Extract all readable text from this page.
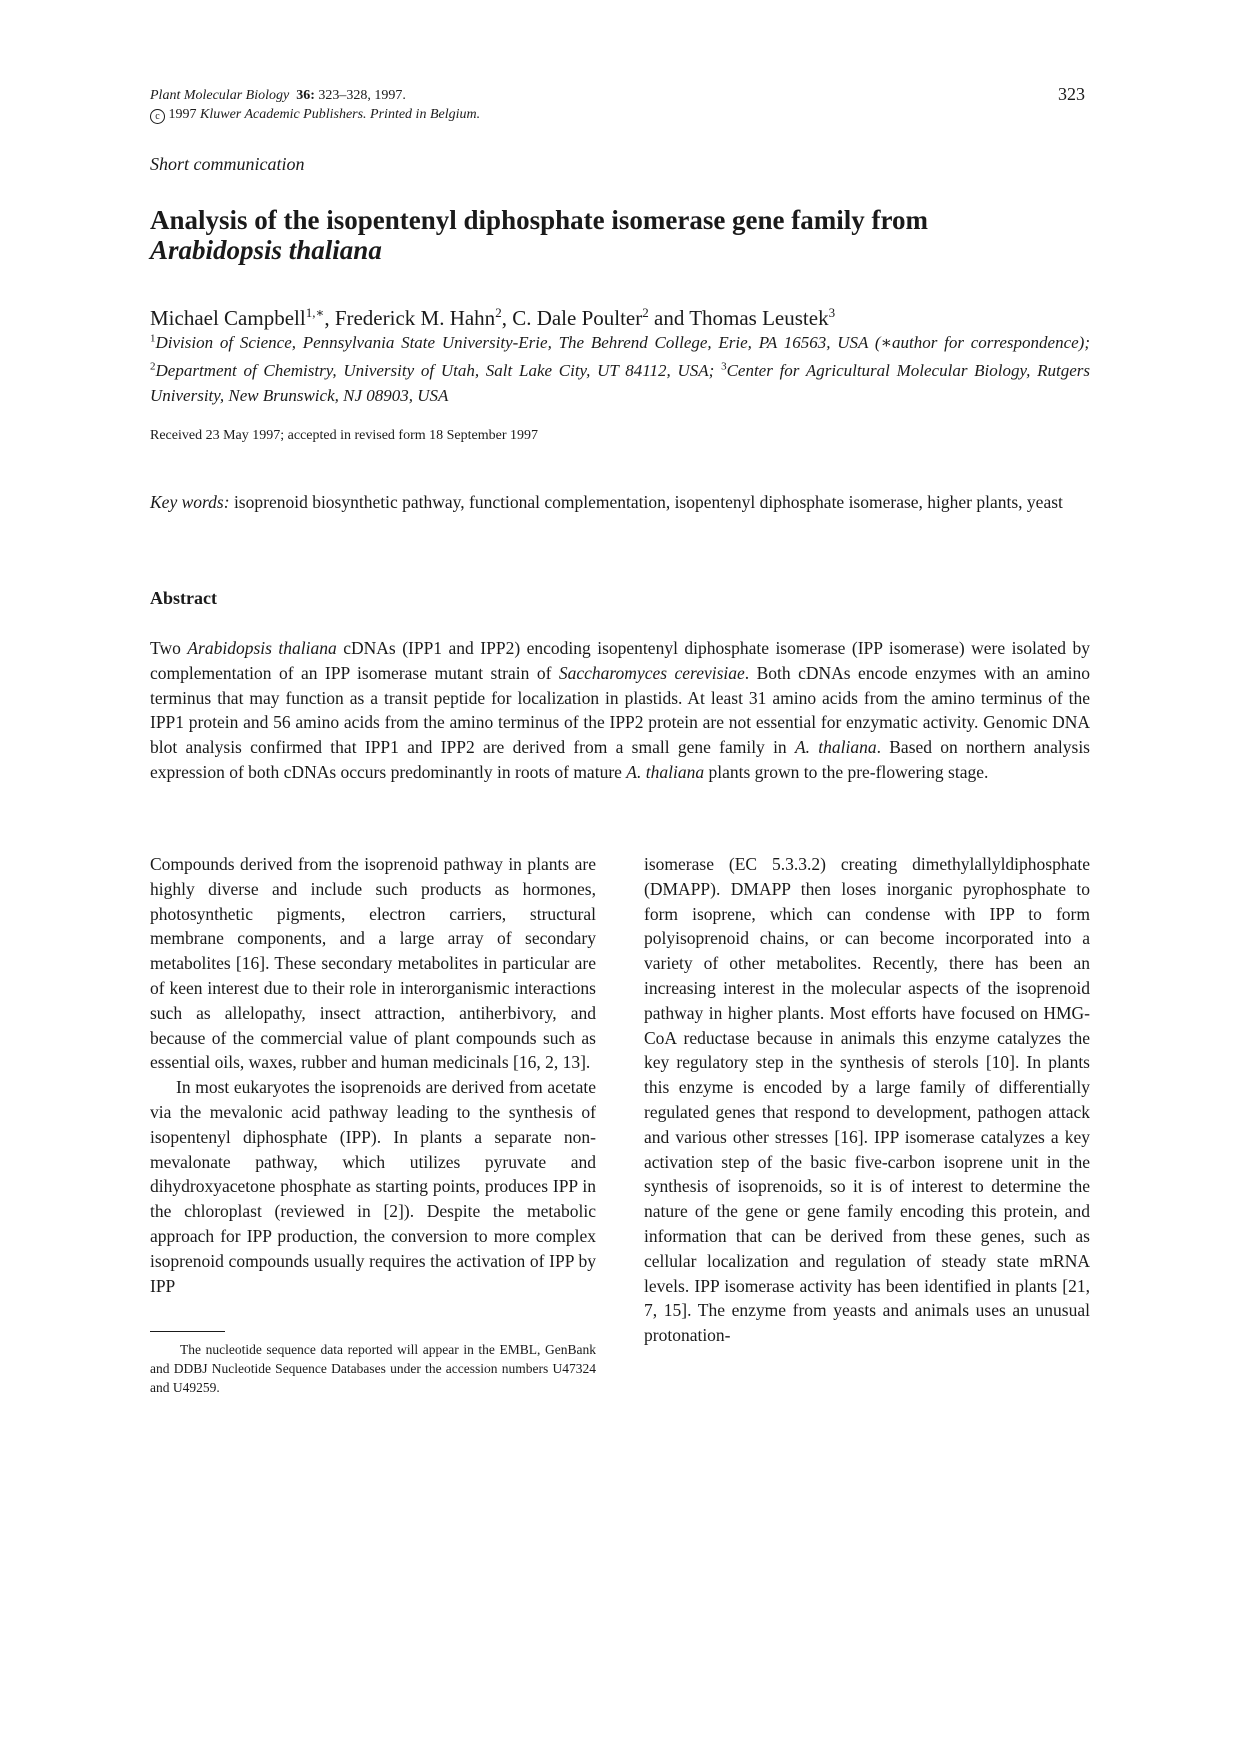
Plant Molecular Biology 36: 323–328, 1997.
c 1997 Kluwer Academic Publishers. Printed in Belgium.
323
Short communication
Analysis of the isopentenyl diphosphate isomerase gene family from
Arabidopsis thaliana
Michael Campbell$^{1,∗}$, Frederick M. Hahn$^2$, C. Dale Poulter$^2$ and Thomas Leustek$^3$
$^1$Division of Science, Pennsylvania State University-Erie, The Behrend College, Erie, PA 16563, USA (∗author for correspondence); $^2$Department of Chemistry, University of Utah, Salt Lake City, UT 84112, USA; $^3$Center for Agricultural Molecular Biology, Rutgers University, New Brunswick, NJ 08903, USA
Received 23 May 1997; accepted in revised form 18 September 1997
Key words: isoprenoid biosynthetic pathway, functional complementation, isopentenyl diphosphate isomerase, higher plants, yeast
Abstract
Two Arabidopsis thaliana cDNAs (IPP1 and IPP2) encoding isopentenyl diphosphate isomerase (IPP isomerase) were isolated by complementation of an IPP isomerase mutant strain of Saccharomyces cerevisiae. Both cDNAs encode enzymes with an amino terminus that may function as a transit peptide for localization in plastids. At least 31 amino acids from the amino terminus of the IPP1 protein and 56 amino acids from the amino terminus of the IPP2 protein are not essential for enzymatic activity. Genomic DNA blot analysis confirmed that IPP1 and IPP2 are derived from a small gene family in A. thaliana. Based on northern analysis expression of both cDNAs occurs predominantly in roots of mature A. thaliana plants grown to the pre-flowering stage.

Compounds derived from the isoprenoid pathway in plants are highly diverse and include such products as hormones, photosynthetic pigments, electron carriers, structural membrane components, and a large array of secondary metabolites [16]. These secondary metabolites in particular are of keen interest due to their role in interorganismic interactions such as allelopathy, insect attraction, antiherbivory, and because of the commercial value of plant compounds such as essential oils, waxes, rubber and human medicinals [16, 2, 13].

In most eukaryotes the isoprenoids are derived from acetate via the mevalonic acid pathway leading to the synthesis of isopentenyl diphosphate (IPP). In plants a separate non-mevalonate pathway, which utilizes pyruvate and dihydroxyacetone phosphate as starting points, produces IPP in the chloroplast (reviewed in [2]). Despite the metabolic approach for IPP production, the conversion to more complex isoprenoid compounds usually requires the activation of IPP by IPP

The nucleotide sequence data reported will appear in the EMBL, GenBank and DDBJ Nucleotide Sequence Databases under the accession numbers U47324 and U49259.

isomerase (EC 5.3.3.2) creating dimethylallyldiphosphate (DMAPP). DMAPP then loses inorganic pyrophosphate to form isoprene, which can condense with IPP to form polyisoprenoid chains, or can become incorporated into a variety of other metabolites. Recently, there has been an increasing interest in the molecular aspects of the isoprenoid pathway in higher plants. Most efforts have focused on HMG-CoA reductase because in animals this enzyme catalyzes the key regulatory step in the synthesis of sterols [10]. In plants this enzyme is encoded by a large family of differentially regulated genes that respond to development, pathogen attack and various other stresses [16]. IPP isomerase catalyzes a key activation step of the basic five-carbon isoprene unit in the synthesis of isoprenoids, so it is of interest to determine the nature of the gene or gene family encoding this protein, and information that can be derived from these genes, such as cellular localization and regulation of steady state mRNA levels. IPP isomerase activity has been identified in plants [21, 7, 15]. The enzyme from yeasts and animals uses an unusual protonation-
